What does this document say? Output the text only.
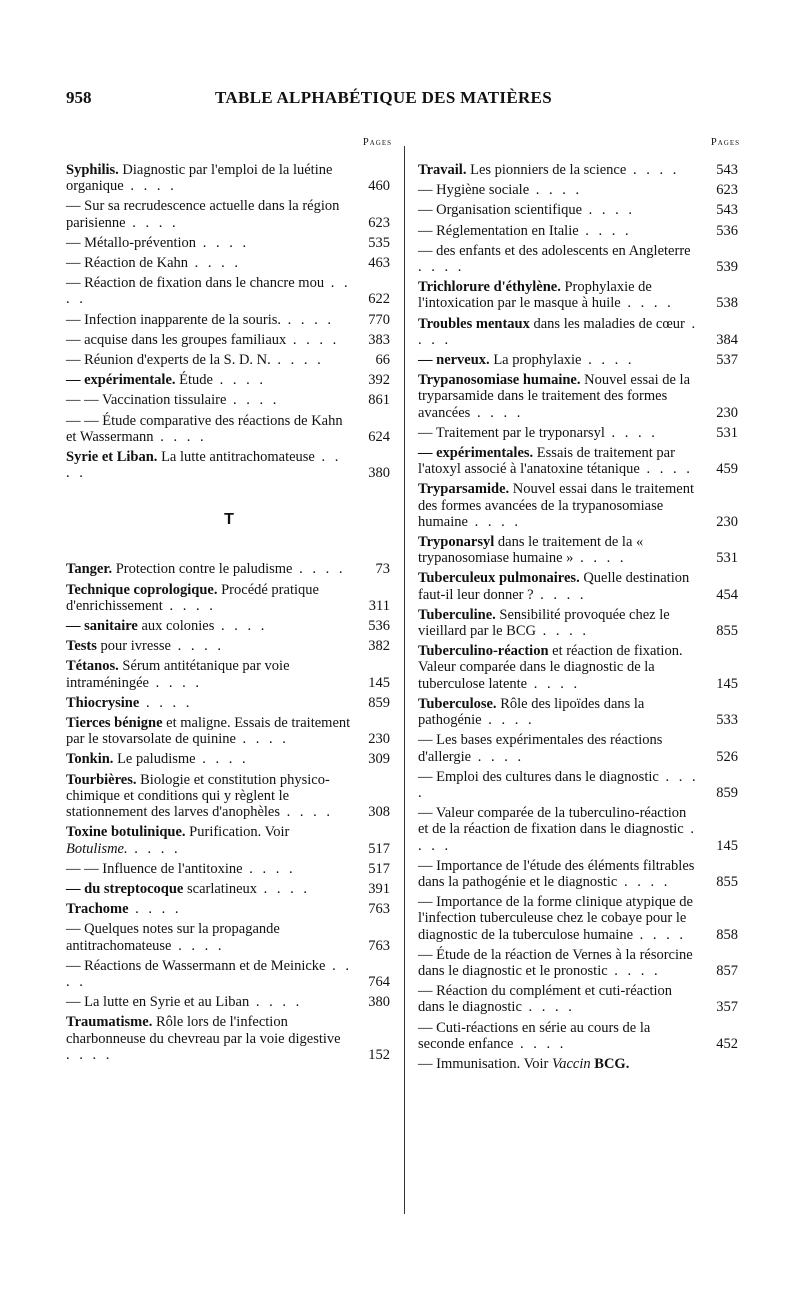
958	TABLE ALPHABÉTIQUE DES MATIÈRES
Pages
Syphilis. Diagnostic par l'emploi de la luétine organique . . . .	460
— Sur sa recrudescence actuelle dans la région parisienne . . . .	623
— Métallo-prévention . . . .	535
— Réaction de Kahn . . . .	463
— Réaction de fixation dans le chancre mou . . . .	622
— Infection inapparente de la souris. . . . .	770
— acquise dans les groupes familiaux . . . .	383
— Réunion d'experts de la S. D. N. . . . .	66
— expérimentale. Étude . . . .	392
— — Vaccination tissulaire . . . .	861
— — Étude comparative des réactions de Kahn et Wassermann . . . .	624
Syrie et Liban. La lutte antitrachomateuse . . . .	380
T
Tanger. Protection contre le paludisme . . . .	73
Technique coprologique. Procédé pratique d'enrichissement . . . .	311
— sanitaire aux colonies . . . .	536
Tests pour ivresse . . . .	382
Tétanos. Sérum antitétanique par voie intraméningée . . . .	145
Thiocrysine . . . .	859
Tierces bénigne et maligne. Essais de traitement par le stovarsolate de quinine . . . .	230
Tonkin. Le paludisme . . . .	309
Tourbières. Biologie et constitution physico-chimique et conditions qui y règlent le stationnement des larves d'anophèles . . . .	308
Toxine botulinique. Purification. Voir Botulisme. . . . .	517
— — Influence de l'antitoxine . . . .	517
— du streptocoque scarlatineux . . . .	391
Trachome . . . .	763
— Quelques notes sur la propagande antitrachomateuse . . . .	763
— Réactions de Wassermann et de Meinicke . . . .	764
— La lutte en Syrie et au Liban . . . .	380
Traumatisme. Rôle lors de l'infection charbonneuse du chevreau par la voie digestive . . . .	152
Pages
Travail. Les pionniers de la science . . . .	543
— Hygiène sociale . . . .	623
— Organisation scientifique . . . .	543
— Réglementation en Italie . . . .	536
— des enfants et des adolescents en Angleterre . . . .	539
Trichlorure d'éthylène. Prophylaxie de l'intoxication par le masque à huile . . . .	538
Troubles mentaux dans les maladies de cœur . . . .	384
— nerveux. La prophylaxie . . . .	537
Trypanosomiase humaine. Nouvel essai de la tryparsamide dans le traitement des formes avancées . . . .	230
— Traitement par le tryponarsyl . . . .	531
— expérimentales. Essais de traitement par l'atoxyl associé à l'anatoxine tétanique . . . .	459
Tryparsamide. Nouvel essai dans le traitement des formes avancées de la trypanosomiase humaine . . . .	230
Tryponarsyl dans le traitement de la « trypanosomiase humaine » . . . .	531
Tuberculeux pulmonaires. Quelle destination faut-il leur donner ? . . . .	454
Tuberculine. Sensibilité provoquée chez le vieillard par le BCG . . . .	855
Tuberculino-réaction et réaction de fixation. Valeur comparée dans le diagnostic de la tuberculose latente . . . .	145
Tuberculose. Rôle des lipoïdes dans la pathogénie . . . .	533
— Les bases expérimentales des réactions d'allergie . . . .	526
— Emploi des cultures dans le diagnostic . . . .	859
— Valeur comparée de la tuberculino-réaction et de la réaction de fixation dans le diagnostic . . . .	145
— Importance de l'étude des éléments filtrables dans la pathogénie et le diagnostic . . . .	855
— Importance de la forme clinique atypique de l'infection tuberculeuse chez le cobaye pour le diagnostic de la tuberculose humaine . . . .	858
— Étude de la réaction de Vernes à la résorcine dans le diagnostic et le pronostic . . . .	857
— Réaction du complément et cuti-réaction dans le diagnostic . . . .	357
— Cuti-réactions en série au cours de la seconde enfance . . . .	452
— Immunisation. Voir Vaccin BCG.
